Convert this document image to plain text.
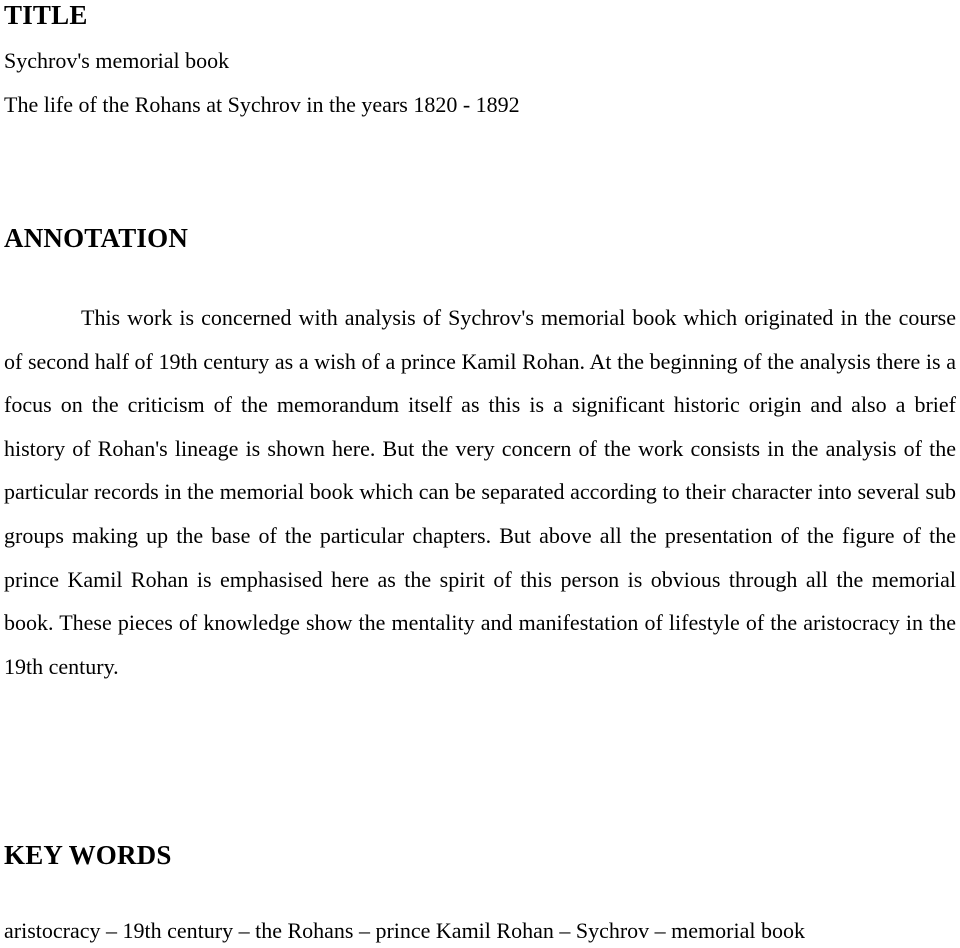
TITLE

Sychrov's memorial book

The life of the Rohans at Sychrov in the years 1820 - 1892

ANNOTATION

This work is concerned with analysis of Sychrov's memorial book which originated in the course of second half of 19th century as a wish of a prince Kamil Rohan. At the beginning of the analysis there is a focus on the criticism of the memorandum itself as this is a significant historic origin and also a brief history of Rohan's lineage is shown here. But the very concern of the work consists in the analysis of the particular records in the memorial book which can be separated according to their character into several sub groups making up the base of the particular chapters. But above all the presentation of the figure of the prince Kamil Rohan is emphasised here as the spirit of this person is obvious through all the memorial book. These pieces of knowledge show the mentality and manifestation of lifestyle of the aristocracy in the 19th century.

KEY WORDS

aristocracy – 19th century – the Rohans – prince Kamil Rohan – Sychrov – memorial book
